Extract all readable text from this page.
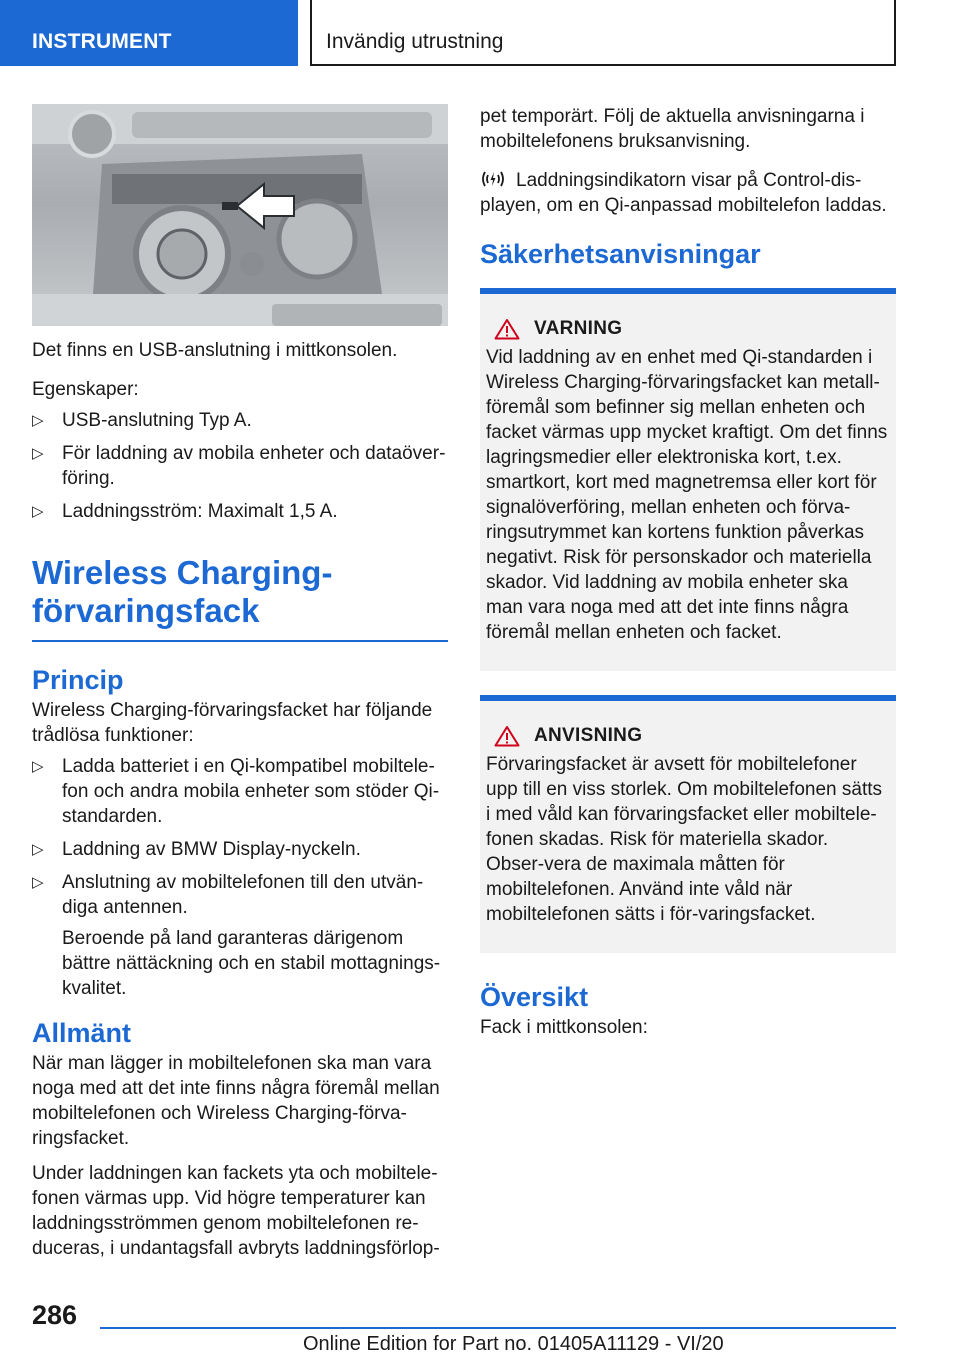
INSTRUMENT	Invändig utrustning

Det finns en USB-anslutning i mittkonsolen.

Egenskaper:

▷ USB-anslutning Typ A.
▷ För laddning av mobila enheter och dataöver-föring.
▷ Laddningsström: Maximalt 1,5 A.
Wireless Charging-förvaringsfack
Princip

Wireless Charging-förvaringsfacket har följande trådlösa funktioner:

▷ Ladda batteriet i en Qi-kompatibel mobiltele-fon och andra mobila enheter som stöder Qi-standarden.
▷ Laddning av BMW Display-nyckeln.
▷ Anslutning av mobiltelefonen till den utvän-diga antennen.
Beroende på land garanteras därigenom bättre nättäckning och en stabil mottagnings-kvalitet.
Allmänt

När man lägger in mobiltelefonen ska man vara noga med att det inte finns några föremål mellan mobiltelefonen och Wireless Charging-förva-ringsfacket.

Under laddningen kan fackets yta och mobiltele-fonen värmas upp. Vid högre temperaturer kan laddningsströmmen genom mobiltelefonen re-duceras, i undantagsfall avbryts laddningsförlop-

pet temporärt. Följ de aktuella anvisningarna i mobiltelefonens bruksanvisning.

Laddningsindikatorn visar på Control-dis-playen, om en Qi-anpassad mobiltelefon laddas.

Säkerhetsanvisningar
VARNING

Vid laddning av en enhet med Qi-standarden i Wireless Charging-förvaringsfacket kan metall-föremål som befinner sig mellan enheten och facket värmas upp mycket kraftigt. Om det finns lagringsmedier eller elektroniska kort, t.ex. smartkort, kort med magnetremsa eller kort för signalöverföring, mellan enheten och förva-ringsutrymmet kan kortens funktion påverkas negativt. Risk för personskador och materiella skador. Vid laddning av mobila enheter ska man vara noga med att det inte finns några föremål mellan enheten och facket.

ANVISNING

Förvaringsfacket är avsett för mobiltelefoner upp till en viss storlek. Om mobiltelefonen sätts i med våld kan förvaringsfacket eller mobiltele-fonen skadas. Risk för materiella skador. Obser-vera de maximala måtten för mobiltelefonen. Använd inte våld när mobiltelefonen sätts i för-varingsfacket.

Översikt

Fack i mittkonsolen:

286
Online Edition for Part no. 01405A11129 - VI/20
